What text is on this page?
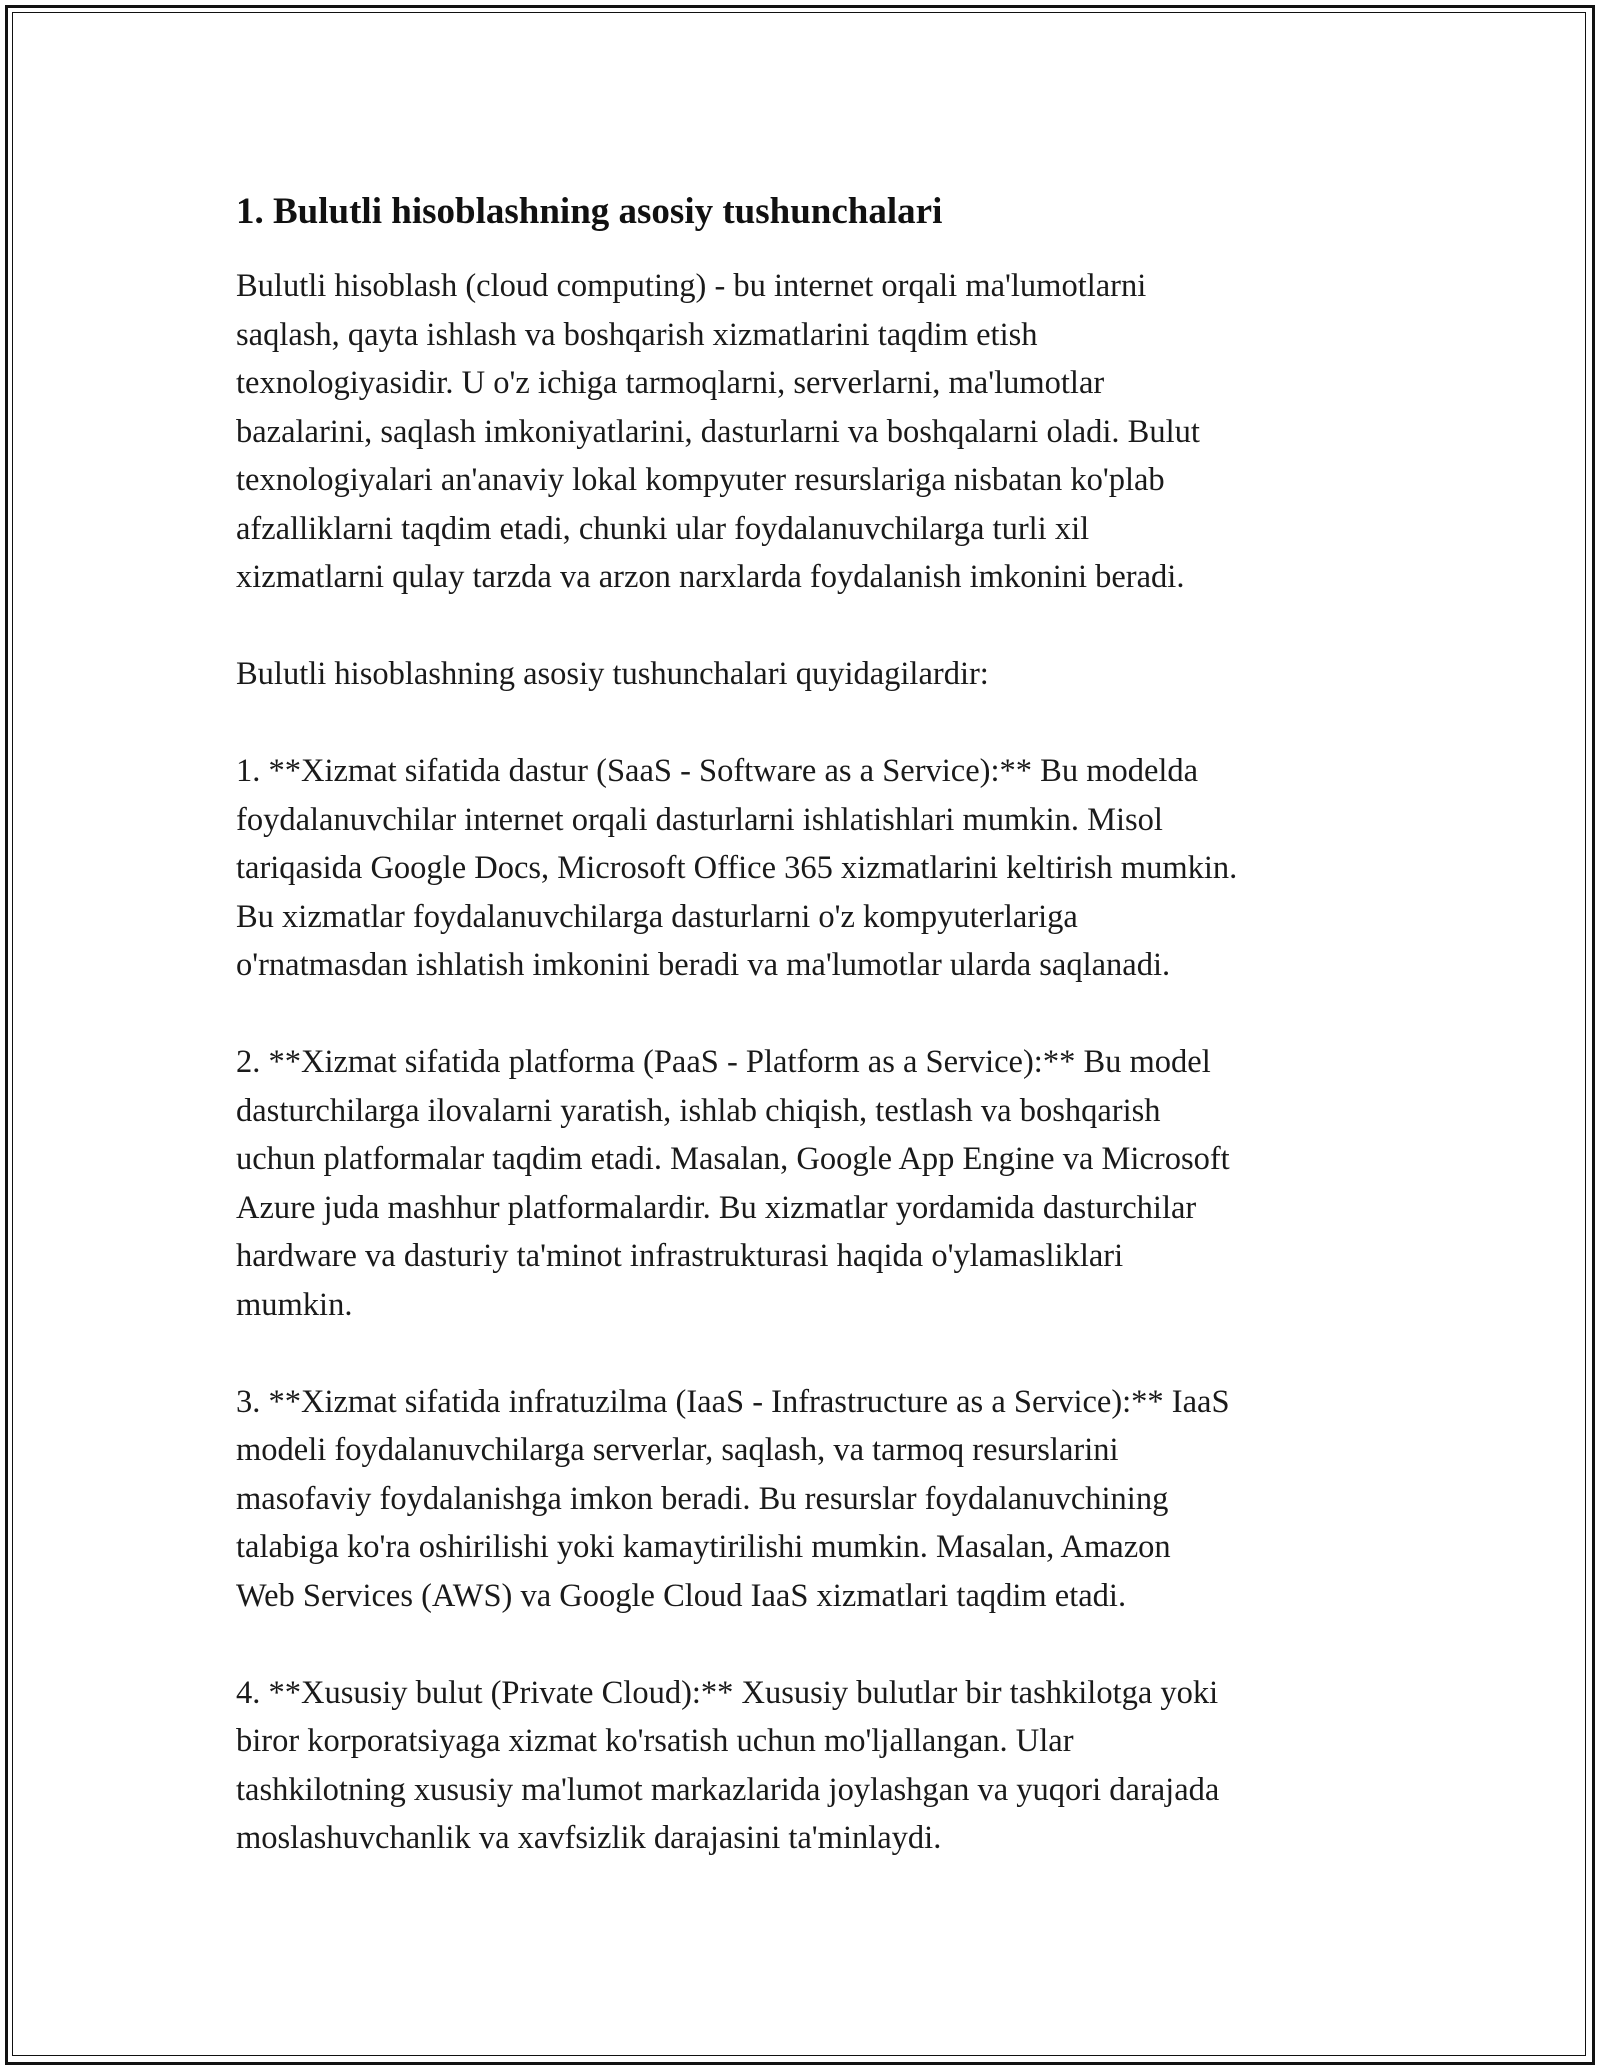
1. Bulutli hisoblashning asosiy tushunchalari

Bulutli hisoblash (cloud computing) - bu internet orqali ma'lumotlarni
saqlash, qayta ishlash va boshqarish xizmatlarini taqdim etish
texnologiyasidir. U o'z ichiga tarmoqlarni, serverlarni, ma'lumotlar
bazalarini, saqlash imkoniyatlarini, dasturlarni va boshqalarni oladi. Bulut
texnologiyalari an'anaviy lokal kompyuter resurslariga nisbatan ko'plab
afzalliklarni taqdim etadi, chunki ular foydalanuvchilarga turli xil
xizmatlarni qulay tarzda va arzon narxlarda foydalanish imkonini beradi.

Bulutli hisoblashning asosiy tushunchalari quyidagilardir:

1. **Xizmat sifatida dastur (SaaS - Software as a Service):** Bu modelda
foydalanuvchilar internet orqali dasturlarni ishlatishlari mumkin. Misol
tariqasida Google Docs, Microsoft Office 365 xizmatlarini keltirish mumkin.
Bu xizmatlar foydalanuvchilarga dasturlarni o'z kompyuterlariga
o'rnatmasdan ishlatish imkonini beradi va ma'lumotlar ularda saqlanadi.

2. **Xizmat sifatida platforma (PaaS - Platform as a Service):** Bu model
dasturchilarga ilovalarni yaratish, ishlab chiqish, testlash va boshqarish
uchun platformalar taqdim etadi. Masalan, Google App Engine va Microsoft
Azure juda mashhur platformalardir. Bu xizmatlar yordamida dasturchilar
hardware va dasturiy ta'minot infrastrukturasi haqida o'ylamasliklari
mumkin.

3. **Xizmat sifatida infratuzilma (IaaS - Infrastructure as a Service):** IaaS
modeli foydalanuvchilarga serverlar, saqlash, va tarmoq resurslarini
masofaviy foydalanishga imkon beradi. Bu resurslar foydalanuvchining
talabiga ko'ra oshirilishi yoki kamaytirilishi mumkin. Masalan, Amazon
Web Services (AWS) va Google Cloud IaaS xizmatlari taqdim etadi.

4. **Xususiy bulut (Private Cloud):** Xususiy bulutlar bir tashkilotga yoki
biror korporatsiyaga xizmat ko'rsatish uchun mo'ljallangan. Ular
tashkilotning xususiy ma'lumot markazlarida joylashgan va yuqori darajada
moslashuvchanlik va xavfsizlik darajasini ta'minlaydi.
